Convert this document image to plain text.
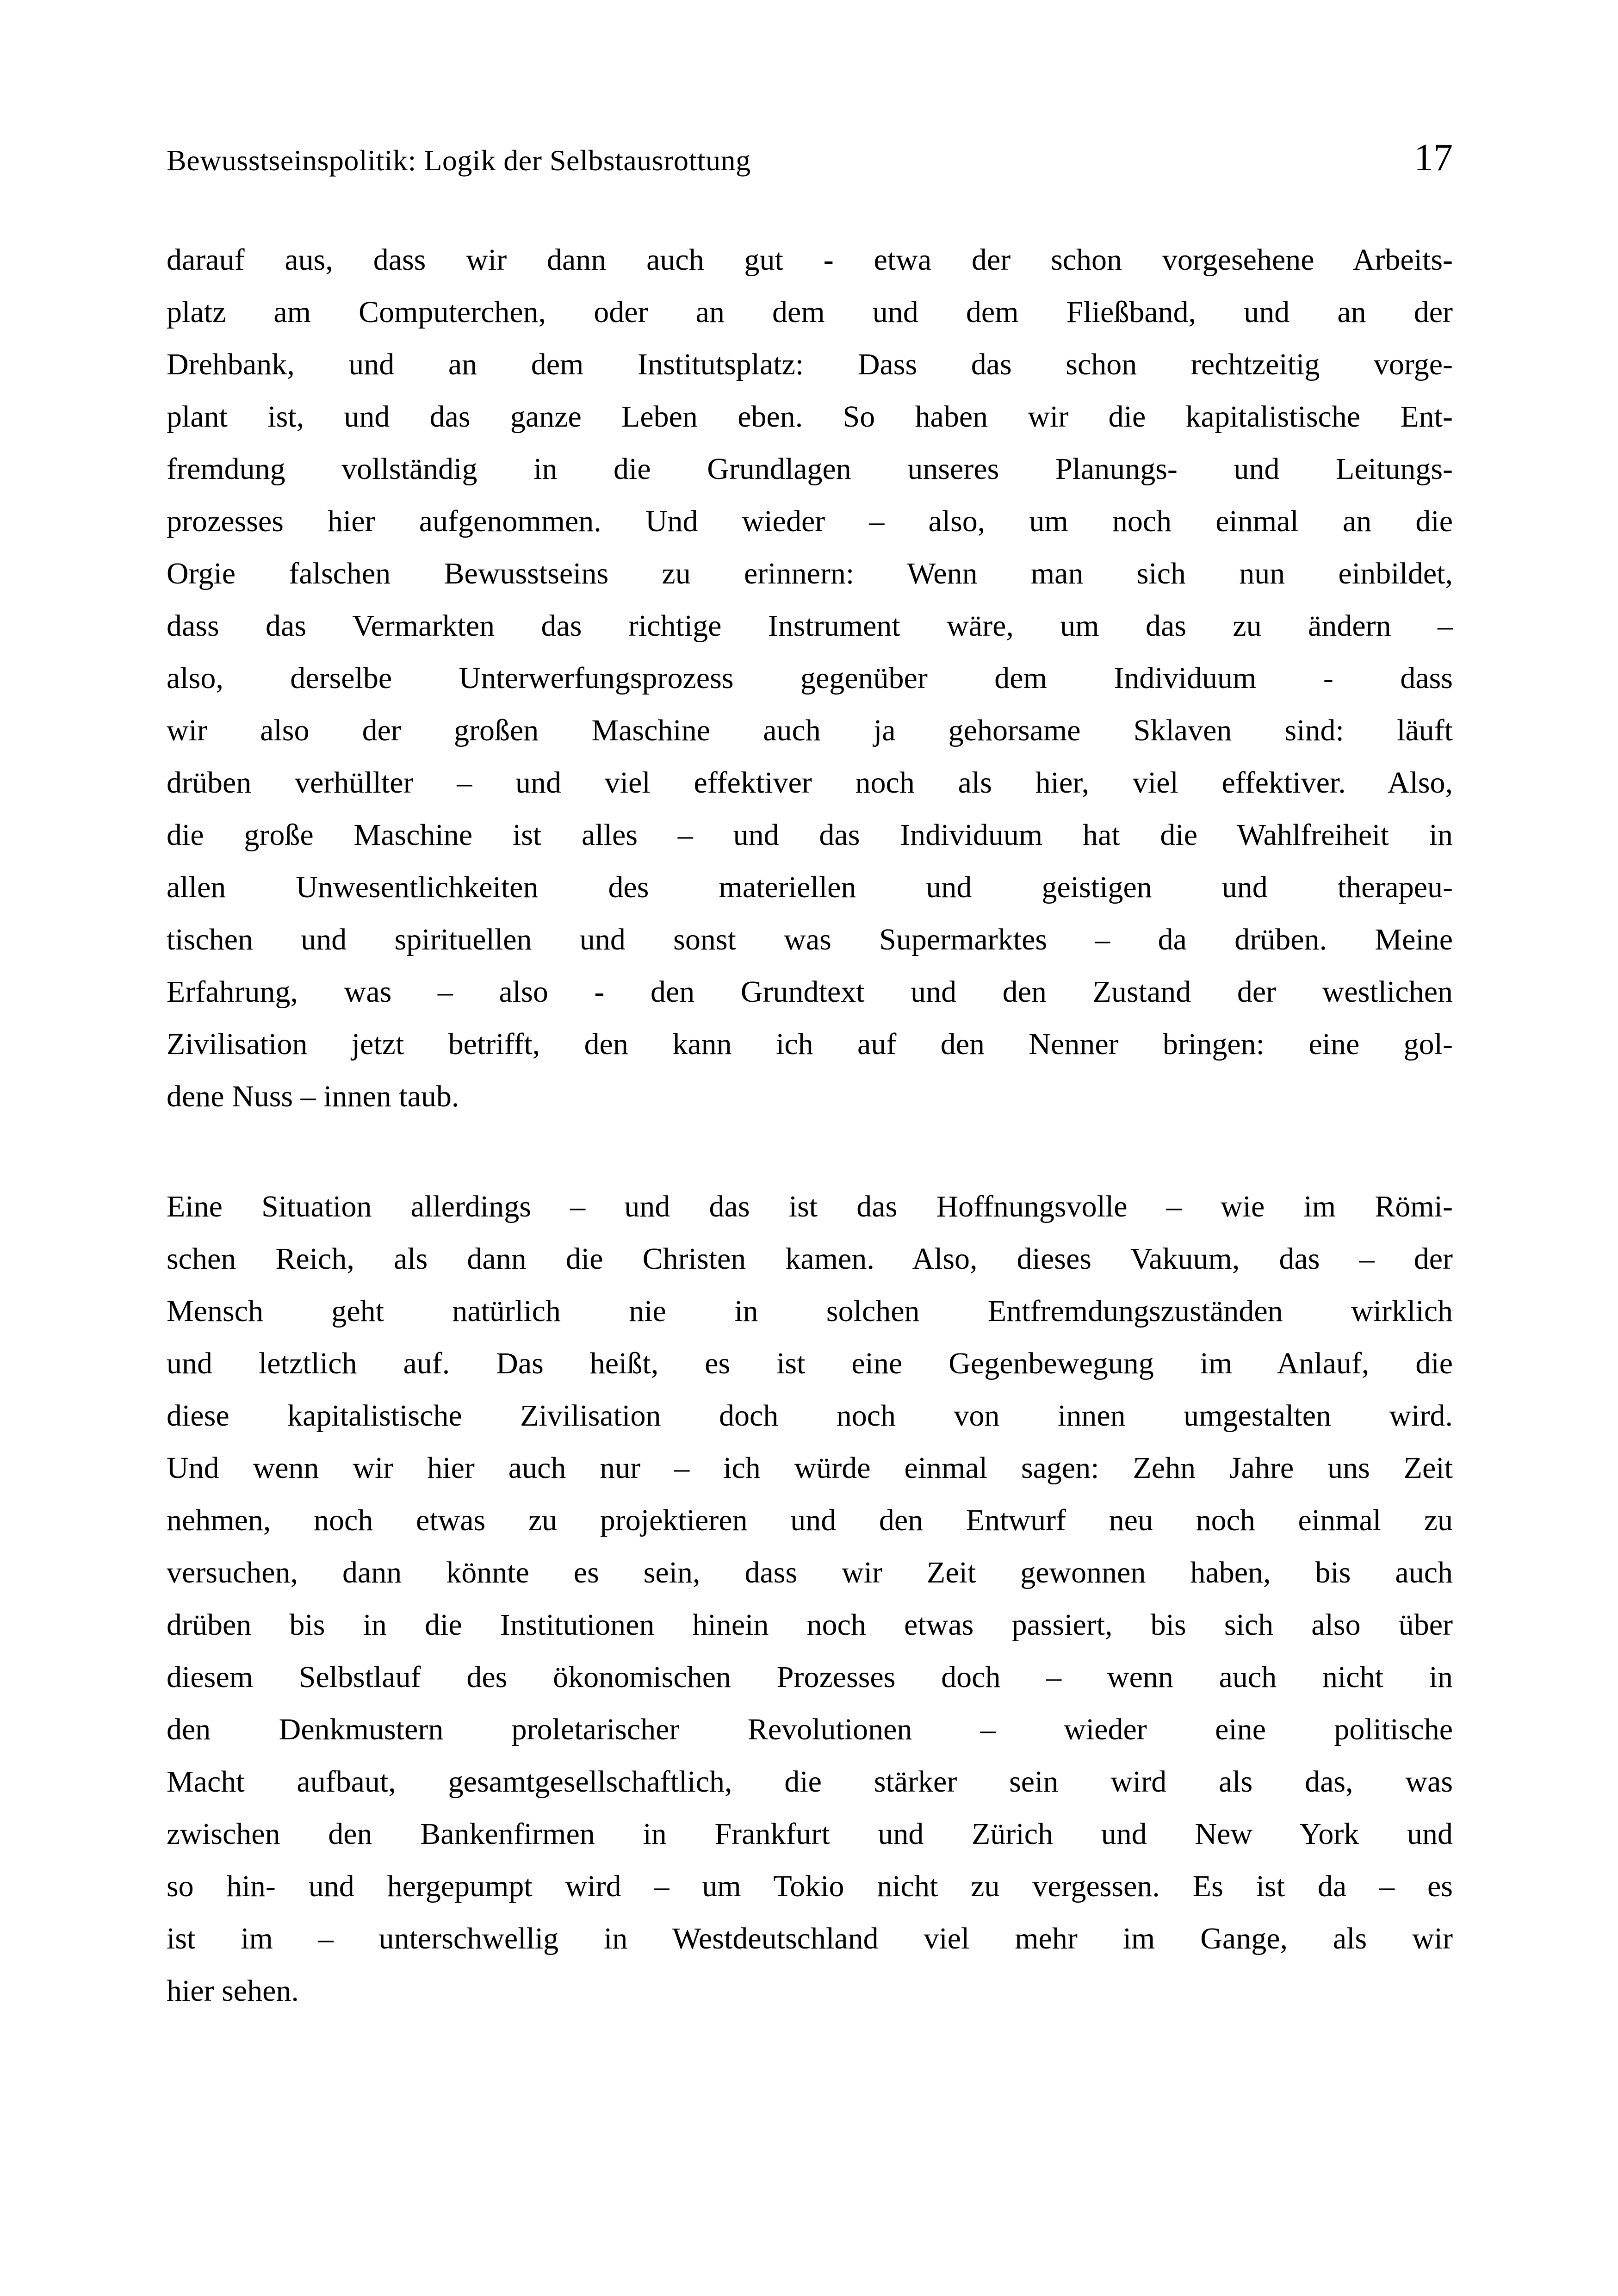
Bewusstseinspolitik: Logik der Selbstausrottung	17
darauf aus, dass wir dann auch gut - etwa der schon vorgesehene Arbeits-
platz am Computerchen, oder an dem und dem Fließband, und an der
Drehbank, und an dem Institutsplatz: Dass das schon rechtzeitig vorge-
plant ist, und das ganze Leben eben. So haben wir die kapitalistische Ent-
fremdung vollständig in die Grundlagen unseres Planungs- und Leitungs-
prozesses hier aufgenommen. Und wieder – also, um noch einmal an die
Orgie falschen Bewusstseins zu erinnern: Wenn man sich nun einbildet,
dass das Vermarkten das richtige Instrument wäre, um das zu ändern –
also, derselbe Unterwerfungsprozess gegenüber dem Individuum - dass
wir also der großen Maschine auch ja gehorsame Sklaven sind: läuft
drüben verhüllter – und viel effektiver noch als hier, viel effektiver. Also,
die große Maschine ist alles – und das Individuum hat die Wahlfreiheit in
allen Unwesentlichkeiten des materiellen und geistigen und therapeu-
tischen und spirituellen und sonst was Supermarktes – da drüben. Meine
Erfahrung, was – also - den Grundtext und den Zustand der westlichen
Zivilisation jetzt betrifft, den kann ich auf den Nenner bringen: eine gol-
dene Nuss – innen taub.
Eine Situation allerdings – und das ist das Hoffnungsvolle – wie im Römi-
schen Reich, als dann die Christen kamen. Also, dieses Vakuum, das – der
Mensch geht natürlich nie in solchen Entfremdungszuständen wirklich
und letztlich auf. Das heißt, es ist eine Gegenbewegung im Anlauf, die
diese kapitalistische Zivilisation doch noch von innen umgestalten wird.
Und wenn wir hier auch nur – ich würde einmal sagen: Zehn Jahre uns Zeit
nehmen, noch etwas zu projektieren und den Entwurf neu noch einmal zu
versuchen, dann könnte es sein, dass wir Zeit gewonnen haben, bis auch
drüben bis in die Institutionen hinein noch etwas passiert, bis sich also über
diesem Selbstlauf des ökonomischen Prozesses doch – wenn auch nicht in
den Denkmustern proletarischer Revolutionen – wieder eine politische
Macht aufbaut, gesamtgesellschaftlich, die stärker sein wird als das, was
zwischen den Bankenfirmen in Frankfurt und Zürich und New York und
so hin- und hergepumpt wird – um Tokio nicht zu vergessen. Es ist da – es
ist im – unterschwellig in Westdeutschland viel mehr im Gange, als wir
hier sehen.
